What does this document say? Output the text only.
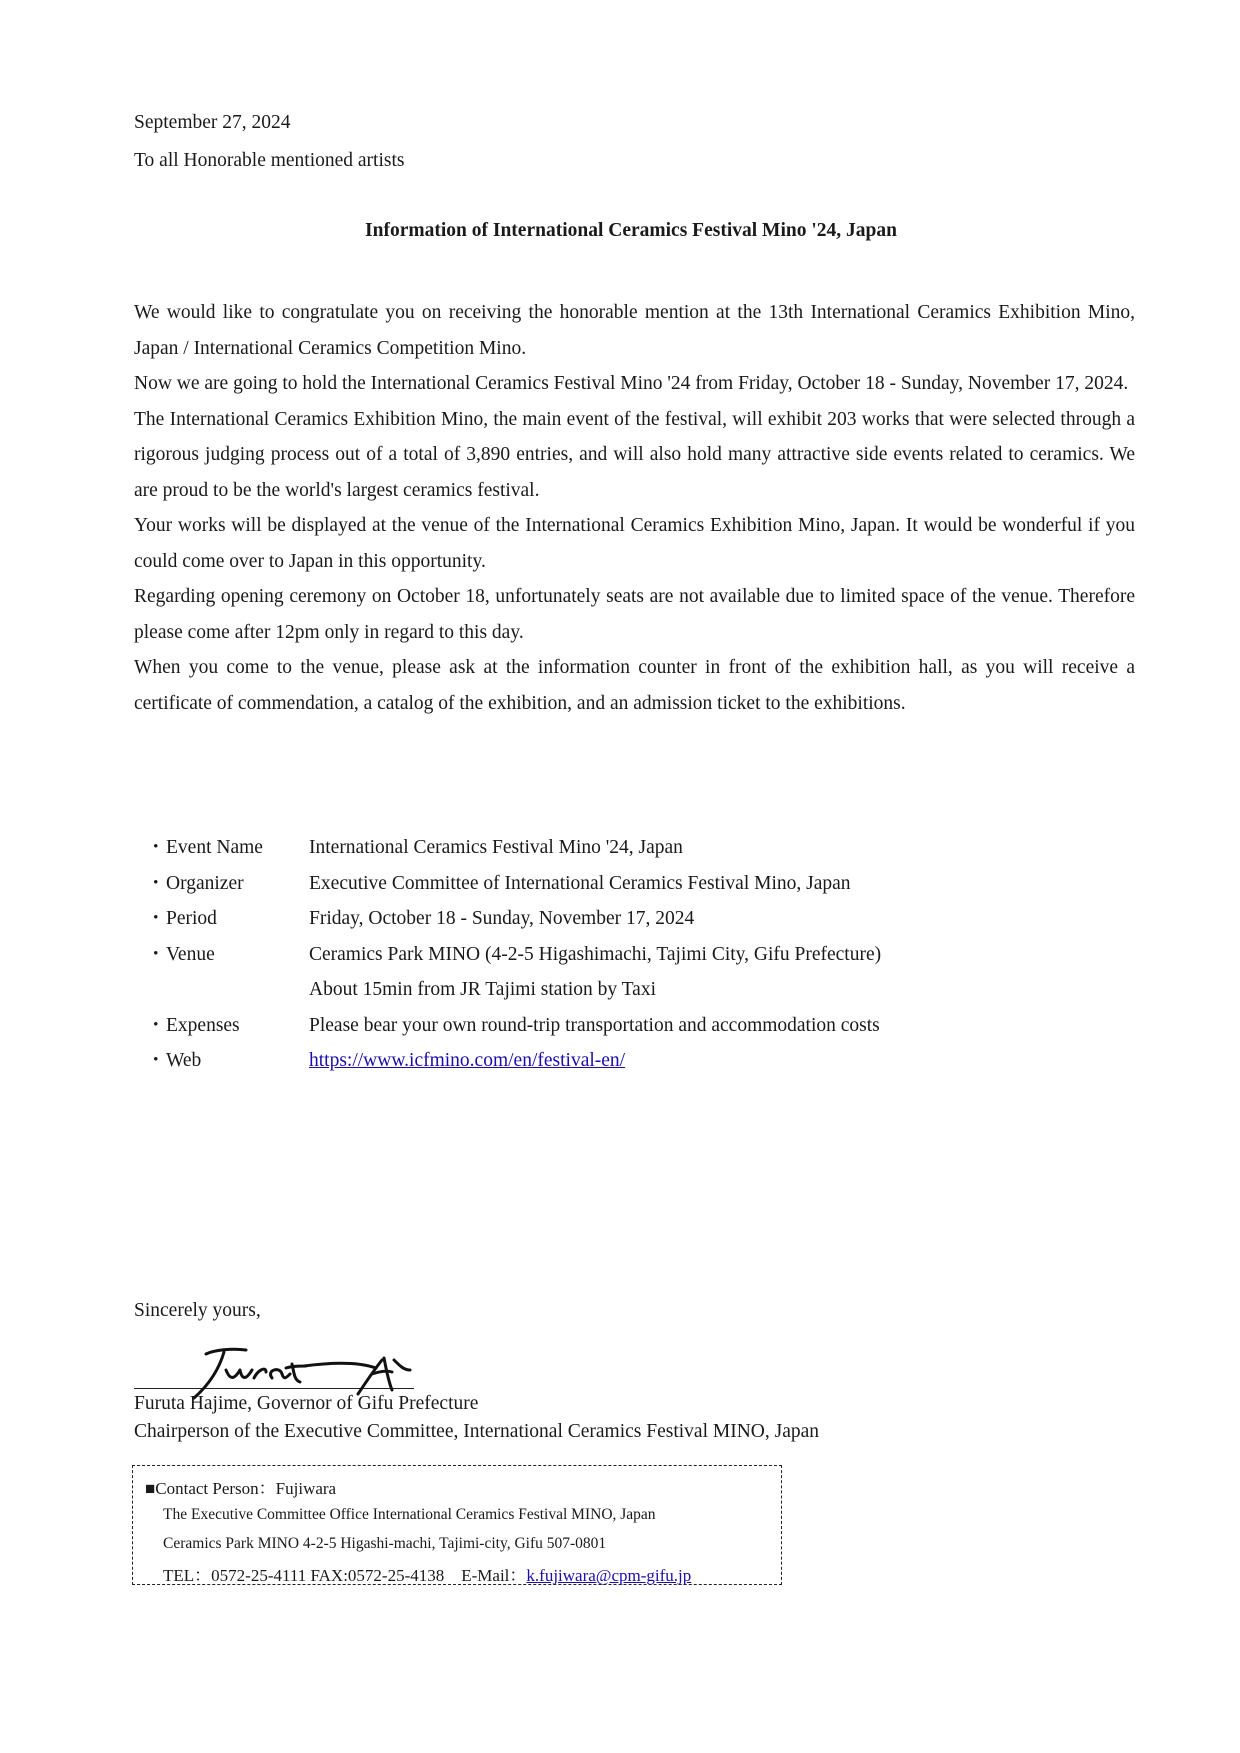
September 27, 2024
To all Honorable mentioned artists
Information of International Ceramics Festival Mino '24, Japan

We would like to congratulate you on receiving the honorable mention at the 13th International Ceramics Exhibition Mino, Japan / International Ceramics Competition Mino.

Now we are going to hold the International Ceramics Festival Mino '24 from Friday, October 18 - Sunday, November 17, 2024.

The International Ceramics Exhibition Mino, the main event of the festival, will exhibit 203 works that were selected through a rigorous judging process out of a total of 3,890 entries, and will also hold many attractive side events related to ceramics. We are proud to be the world's largest ceramics festival.

Your works will be displayed at the venue of the International Ceramics Exhibition Mino, Japan. It would be wonderful if you could come over to Japan in this opportunity.

Regarding opening ceremony on October 18, unfortunately seats are not available due to limited space of the venue. Therefore please come after 12pm only in regard to this day.

When you come to the venue, please ask at the information counter in front of the exhibition hall, as you will receive a certificate of commendation, a catalog of the exhibition, and an admission ticket to the exhibitions.

・ Event Name	International Ceramics Festival Mino '24, Japan
・ Organizer	Executive Committee of International Ceramics Festival Mino, Japan
・ Period	Friday, October 18 - Sunday, November 17, 2024
・ Venue	Ceramics Park MINO (4-2-5 Higashimachi, Tajimi City, Gifu Prefecture)
About 15min from JR Tajimi station by Taxi
・ Expenses	Please bear your own round-trip transportation and accommodation costs
・ Web	https://www.icfmino.com/en/festival-en/
Sincerely yours,
Furuta Hajime, Governor of Gifu Prefecture
Chairperson of the Executive Committee, International Ceramics Festival MINO, Japan
■Contact Person：Fujiwara
The Executive Committee Office International Ceramics Festival MINO, Japan
Ceramics Park MINO 4-2-5 Higashi-machi, Tajimi-city, Gifu 507-0801
TEL：0572-25-4111 FAX:0572-25-4138　E-Mail：k.fujiwara@cpm-gifu.jp
